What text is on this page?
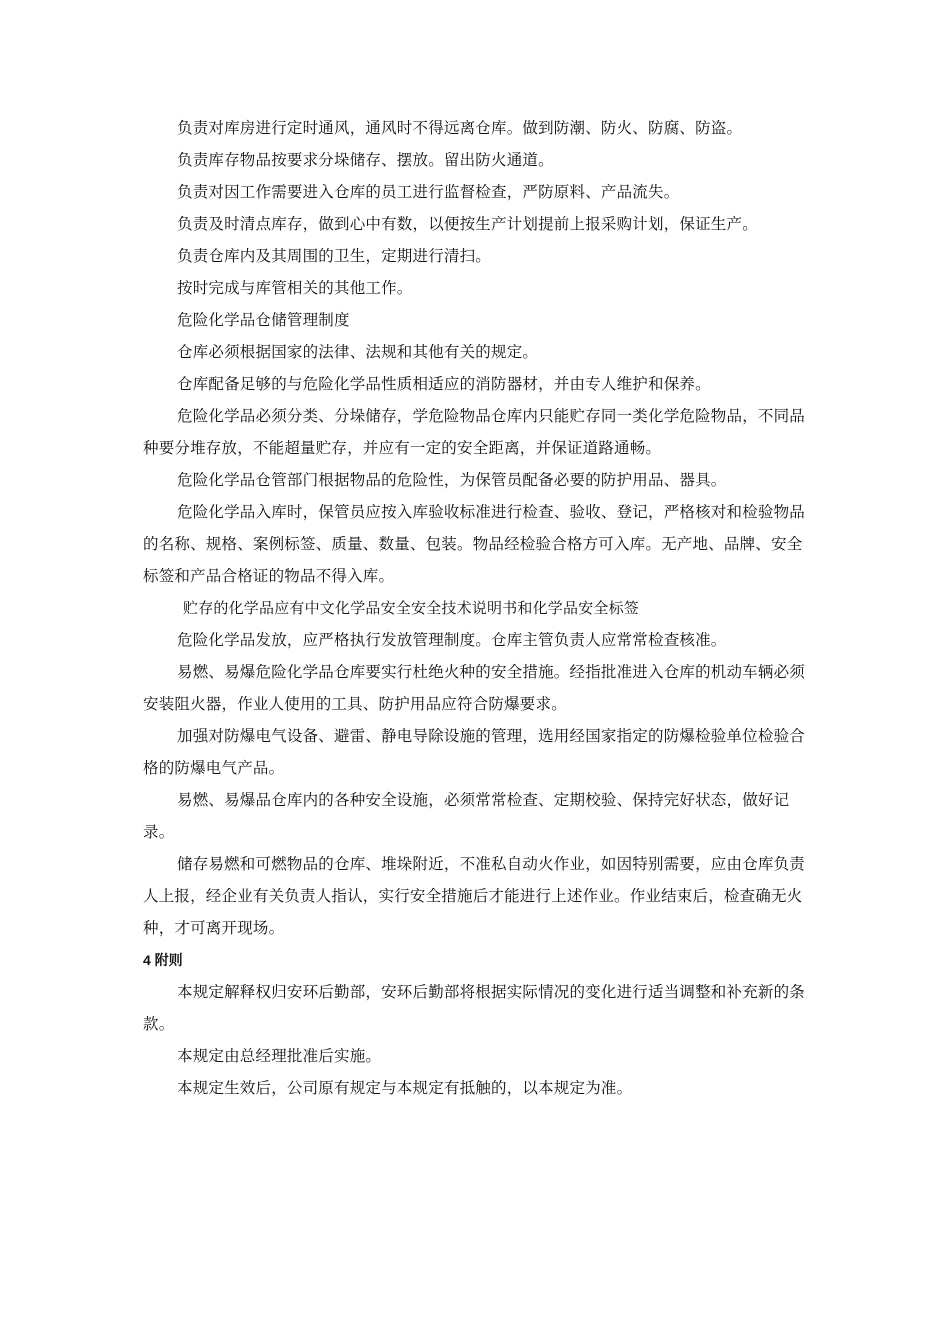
负责对库房进行定时通风，通风时不得远离仓库。做到防潮、防火、防腐、防盗。

负责库存物品按要求分垛储存、摆放。留出防火通道。

负责对因工作需要进入仓库的员工进行监督检查，严防原料、产品流失。

负责及时清点库存，做到心中有数，以便按生产计划提前上报采购计划，保证生产。

负责仓库内及其周围的卫生，定期进行清扫。

按时完成与库管相关的其他工作。

危险化学品仓储管理制度

仓库必须根据国家的法律、法规和其他有关的规定。

仓库配备足够的与危险化学品性质相适应的消防器材，并由专人维护和保养。

危险化学品必须分类、分垛储存，学危险物品仓库内只能贮存同一类化学危险物品，不同品种要分堆存放，不能超量贮存，并应有一定的安全距离，并保证道路通畅。

危险化学品仓管部门根据物品的危险性，为保管员配备必要的防护用品、器具。

危险化学品入库时，保管员应按入库验收标准进行检查、验收、登记，严格核对和检验物品的名称、规格、案例标签、质量、数量、包装。物品经检验合格方可入库。无产地、品牌、安全标签和产品合格证的物品不得入库。

贮存的化学品应有中文化学品安全安全技术说明书和化学品安全标签

危险化学品发放，应严格执行发放管理制度。仓库主管负责人应常常检查核准。

易燃、易爆危险化学品仓库要实行杜绝火种的安全措施。经指批准进入仓库的机动车辆必须安装阻火器，作业人使用的工具、防护用品应符合防爆要求。

加强对防爆电气设备、避雷、静电导除设施的管理，选用经国家指定的防爆检验单位检验合格的防爆电气产品。

易燃、易爆品仓库内的各种安全设施，必须常常检查、定期校验、保持完好状态，做好记录。

储存易燃和可燃物品的仓库、堆垛附近，不准私自动火作业，如因特别需要，应由仓库负责人上报，经企业有关负责人指认，实行安全措施后才能进行上述作业。作业结束后，检查确无火种，才可离开现场。

4 附则

本规定解释权归安环后勤部，安环后勤部将根据实际情况的变化进行适当调整和补充新的条款。

本规定由总经理批准后实施。

本规定生效后，公司原有规定与本规定有抵触的，以本规定为准。
